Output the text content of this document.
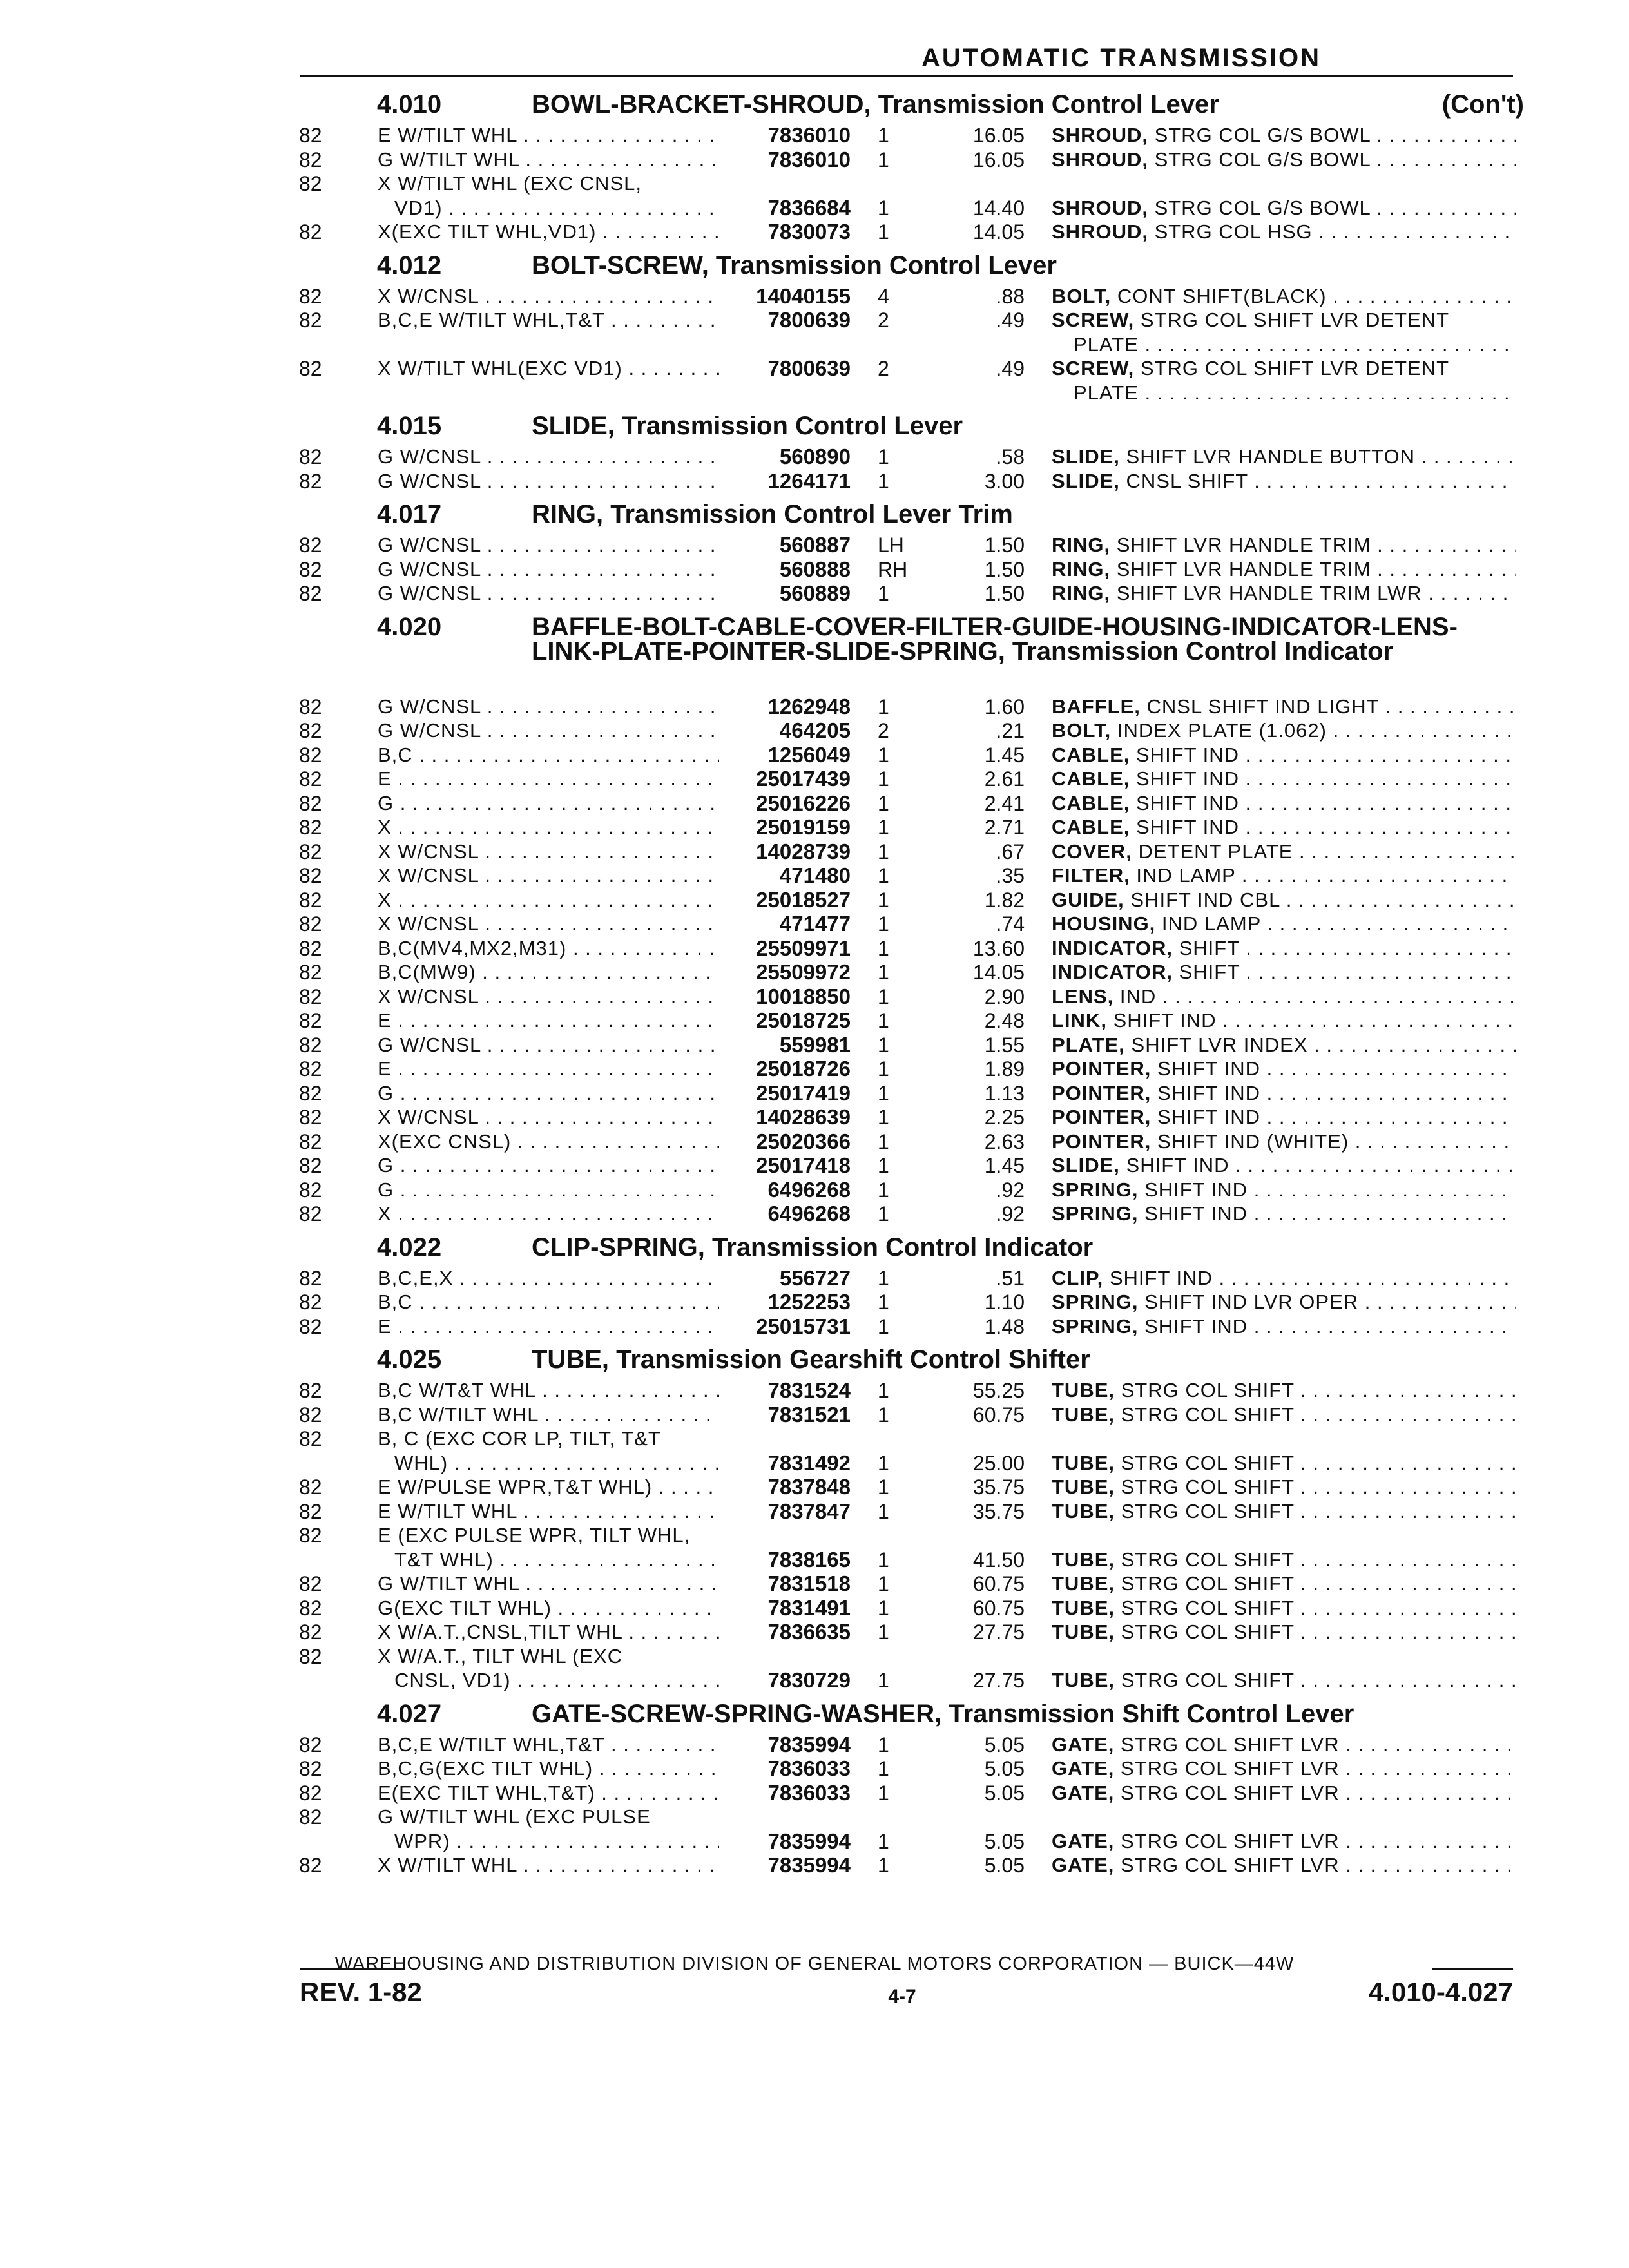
AUTOMATIC TRANSMISSION
4.010	BOWL-BRACKET-SHROUD, Transmission Control Lever	(Con't)
82	E W/TILT WHL . . .	7836010 1	16.05 SHROUD, STRG COL G/S BOWL . . .
82	G W/TILT WHL . . .	7836010 1	16.05 SHROUD, STRG COL G/S BOWL . . .
82	X W/TILT WHL (EXC CNSL,
VD1) . . .	7836684 1	14.40 SHROUD, STRG COL G/S BOWL . . .
82	X(EXC TILT WHL,VD1) . . .	7830073 1	14.05 SHROUD, STRG COL HSG . . .
4.012	BOLT-SCREW, Transmission Control Lever
82	X W/CNSL . . .	14040155 4	.88 BOLT, CONT SHIFT(BLACK) . . .
82	B,C,E W/TILT WHL,T&T . . .	7800639 2	.49 SCREW, STRG COL SHIFT LVR DETENT
PLATE . . .
82	X W/TILT WHL(EXC VD1) . . .	7800639 2	.49 SCREW, STRG COL SHIFT LVR DETENT
PLATE . . .
4.015	SLIDE, Transmission Control Lever
82	G W/CNSL . . .	560890 1	.58 SLIDE, SHIFT LVR HANDLE BUTTON . . .
82	G W/CNSL . . .	1264171 1	3.00 SLIDE, CNSL SHIFT . . .
4.017	RING, Transmission Control Lever Trim
82	G W/CNSL . . .	560887 LH	1.50 RING, SHIFT LVR HANDLE TRIM . . .
82	G W/CNSL . . .	560888 RH	1.50 RING, SHIFT LVR HANDLE TRIM . . .
82	G W/CNSL . . .	560889 1	1.50 RING, SHIFT LVR HANDLE TRIM LWR . . .
4.020	BAFFLE-BOLT-CABLE-COVER-FILTER-GUIDE-HOUSING-INDICATOR-LENS-LINK-PLATE-POINTER-SLIDE-SPRING, Transmission Control Indicator
82	G W/CNSL . . .	1262948 1	1.60 BAFFLE, CNSL SHIFT IND LIGHT . . .
82	G W/CNSL . . .	464205 2	.21 BOLT, INDEX PLATE (1.062) . . .
82	B,C . . .	1256049 1	1.45 CABLE, SHIFT IND . . .
82	E . . .	25017439 1	2.61 CABLE, SHIFT IND . . .
82	G . . .	25016226 1	2.41 CABLE, SHIFT IND . . .
82	X . . .	25019159 1	2.71 CABLE, SHIFT IND . . .
82	X W/CNSL . . .	14028739 1	.67 COVER, DETENT PLATE . . .
82	X W/CNSL . . .	471480 1	.35 FILTER, IND LAMP . . .
82	X . . .	25018527 1	1.82 GUIDE, SHIFT IND CBL . . .
82	X W/CNSL . . .	471477 1	.74 HOUSING, IND LAMP . . .
82	B,C(MV4,MX2,M31) . . .	25509971 1	13.60 INDICATOR, SHIFT . . .
82	B,C(MW9) . . .	25509972 1	14.05 INDICATOR, SHIFT . . .
82	X W/CNSL . . .	10018850 1	2.90 LENS, IND . . .
82	E . . .	25018725 1	2.48 LINK, SHIFT IND . . .
82	G W/CNSL . . .	559981 1	1.55 PLATE, SHIFT LVR INDEX . . .
82	E . . .	25018726 1	1.89 POINTER, SHIFT IND . . .
82	G . . .	25017419 1	1.13 POINTER, SHIFT IND . . .
82	X W/CNSL . . .	14028639 1	2.25 POINTER, SHIFT IND . . .
82	X(EXC CNSL) . . .	25020366 1	2.63 POINTER, SHIFT IND (WHITE) . . .
82	G . . .	25017418 1	1.45 SLIDE, SHIFT IND . . .
82	G . . .	6496268 1	.92 SPRING, SHIFT IND . . .
82	X . . .	6496268 1	.92 SPRING, SHIFT IND . . .
4.022	CLIP-SPRING, Transmission Control Indicator
82	B,C,E,X . . .	556727 1	.51 CLIP, SHIFT IND . . .
82	B,C . . .	1252253 1	1.10 SPRING, SHIFT IND LVR OPER . . .
82	E . . .	25015731 1	1.48 SPRING, SHIFT IND . . .
4.025	TUBE, Transmission Gearshift Control Shifter
82	B,C W/T&T WHL . . .	7831524 1	55.25 TUBE, STRG COL SHIFT . . .
82	B,C W/TILT WHL . . .	7831521 1	60.75 TUBE, STRG COL SHIFT . . .
82	B, C (EXC COR LP, TILT, T&T
WHL) . . .	7831492 1	25.00 TUBE, STRG COL SHIFT . . .
82	E W/PULSE WPR,T&T WHL) . . .	7837848 1	35.75 TUBE, STRG COL SHIFT . . .
82	E W/TILT WHL . . .	7837847 1	35.75 TUBE, STRG COL SHIFT . . .
82	E (EXC PULSE WPR, TILT WHL,
T&T WHL) . . .	7838165 1	41.50 TUBE, STRG COL SHIFT . . .
82	G W/TILT WHL . . .	7831518 1	60.75 TUBE, STRG COL SHIFT . . .
82	G(EXC TILT WHL) . . .	7831491 1	60.75 TUBE, STRG COL SHIFT . . .
82	X W/A.T.,CNSL,TILT WHL . . .	7836635 1	27.75 TUBE, STRG COL SHIFT . . .
82	X W/A.T., TILT WHL (EXC
CNSL, VD1) . . .	7830729 1	27.75 TUBE, STRG COL SHIFT . . .
4.027	GATE-SCREW-SPRING-WASHER, Transmission Shift Control Lever
82	B,C,E W/TILT WHL,T&T . . .	7835994 1	5.05 GATE, STRG COL SHIFT LVR . . .
82	B,C,G(EXC TILT WHL) . . .	7836033 1	5.05 GATE, STRG COL SHIFT LVR . . .
82	E(EXC TILT WHL,T&T) . . .	7836033 1	5.05 GATE, STRG COL SHIFT LVR . . .
82	G W/TILT WHL (EXC PULSE
WPR) . . .	7835994 1	5.05 GATE, STRG COL SHIFT LVR . . .
82	X W/TILT WHL . . .	7835994 1	5.05 GATE, STRG COL SHIFT LVR . . .
WAREHOUSING AND DISTRIBUTION DIVISION OF GENERAL MOTORS CORPORATION — BUICK—44W
REV. 1-82	4-7	4.010-4.027
